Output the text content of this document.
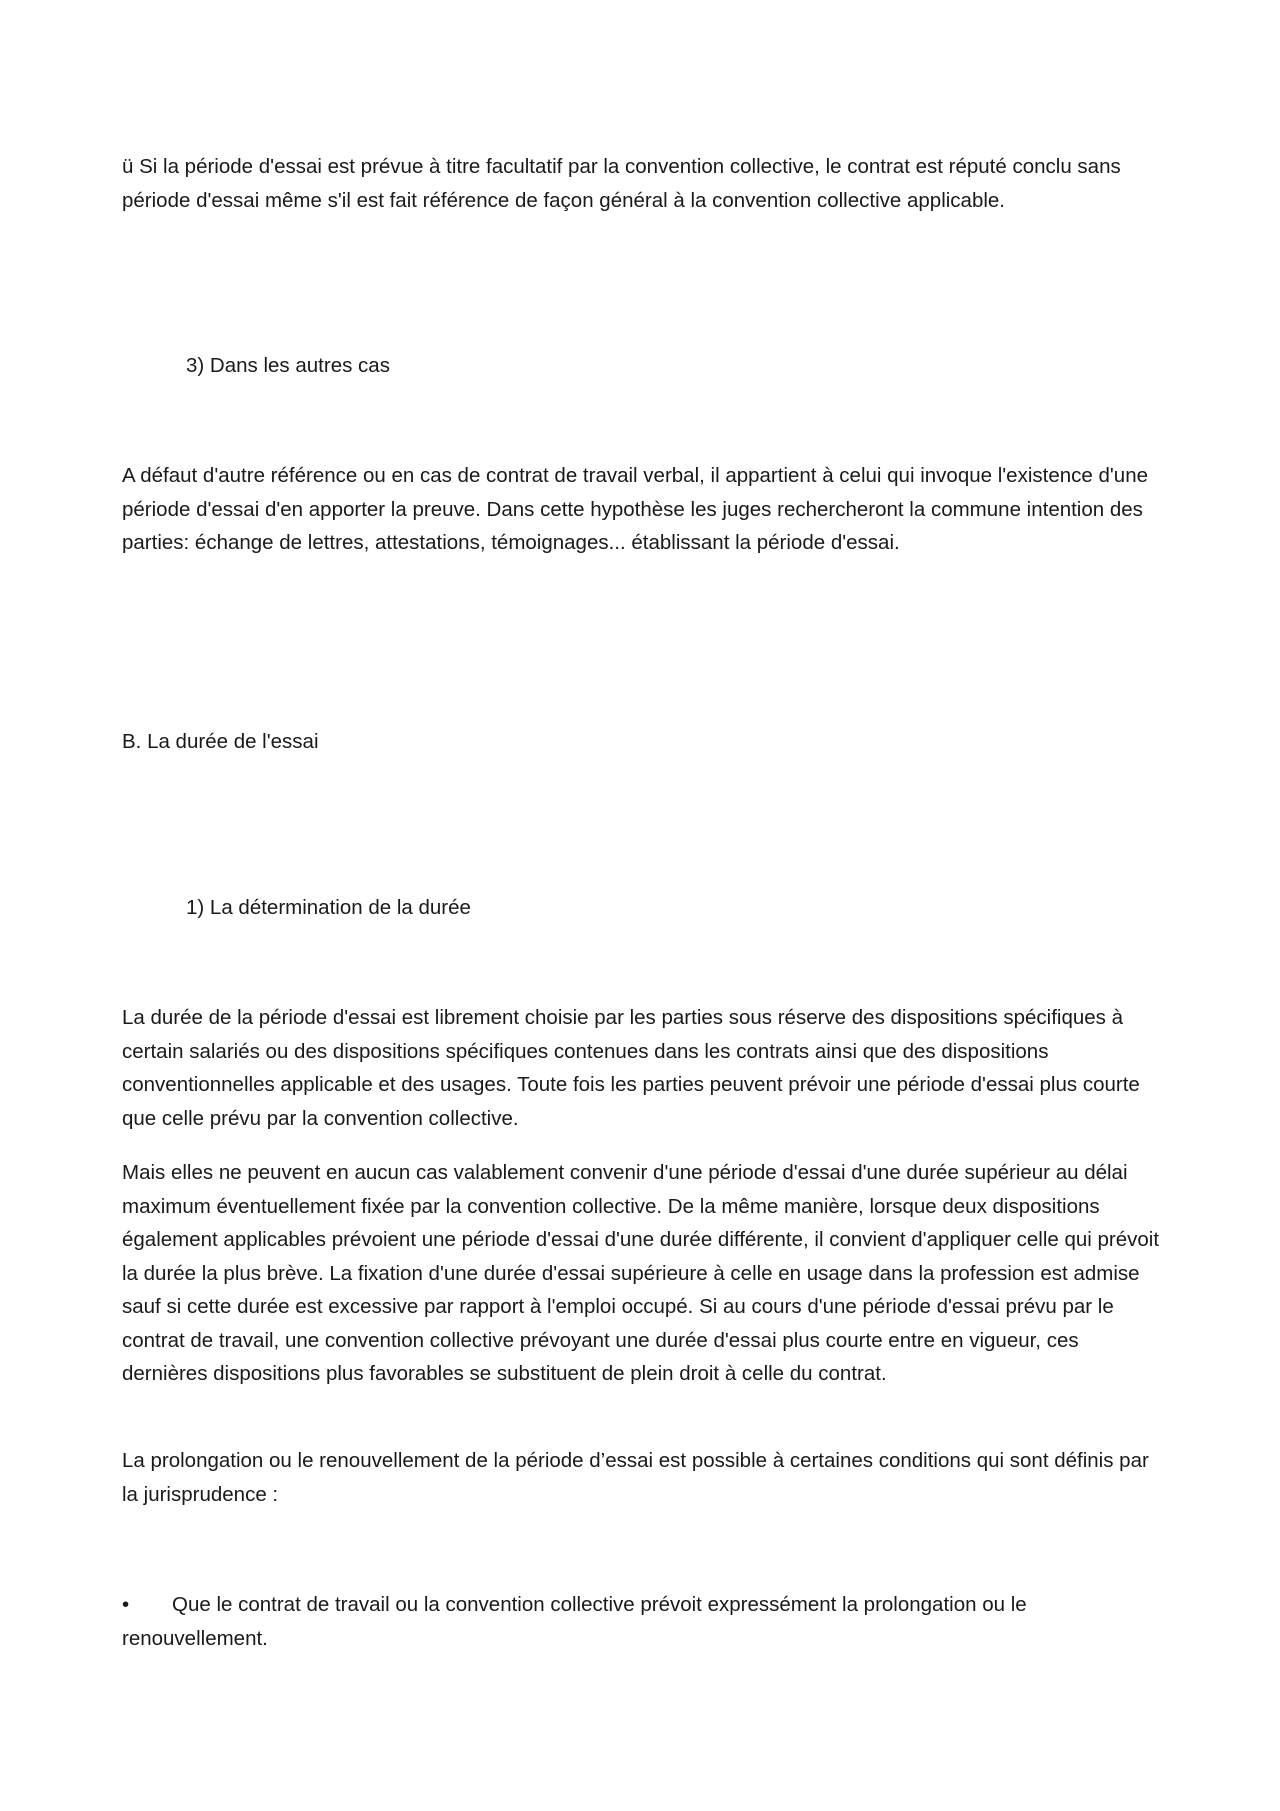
ü Si la période d'essai est prévue à titre facultatif par la convention collective, le contrat est réputé conclu sans période d'essai même s'il est fait référence de façon général à la convention collective applicable.

3) Dans les autres cas

A défaut d'autre référence ou en cas de contrat de travail verbal, il appartient à celui qui invoque l'existence d'une période d'essai d'en apporter la preuve. Dans cette hypothèse les juges rechercheront la commune intention des parties: échange de lettres, attestations, témoignages... établissant la période d'essai.

B. La durée de l'essai

1) La détermination de la durée

La durée de la période d'essai est librement choisie par les parties sous réserve des dispositions spécifiques à certain salariés ou des dispositions spécifiques contenues dans les contrats ainsi que des dispositions conventionnelles applicable et des usages. Toute fois les parties peuvent prévoir une période d'essai plus courte que celle prévu par la convention collective.

Mais elles ne peuvent en aucun cas valablement convenir d'une période d'essai d'une durée supérieur au délai maximum éventuellement fixée par la convention collective. De la même manière, lorsque deux dispositions également applicables prévoient une période d'essai d'une durée différente, il convient d'appliquer celle qui prévoit la durée la plus brève. La fixation d'une durée d'essai supérieure à celle en usage dans la profession est admise sauf si cette durée est excessive par rapport à l'emploi occupé. Si au cours d'une période d'essai prévu par le contrat de travail, une convention collective prévoyant une durée d'essai plus courte entre en vigueur, ces dernières dispositions plus favorables se substituent de plein droit à celle du contrat.

La prolongation ou le renouvellement de la période d’essai est possible à certaines conditions qui sont définis par la jurisprudence :

• Que le contrat de travail ou la convention collective prévoit expressément la prolongation ou le renouvellement.
